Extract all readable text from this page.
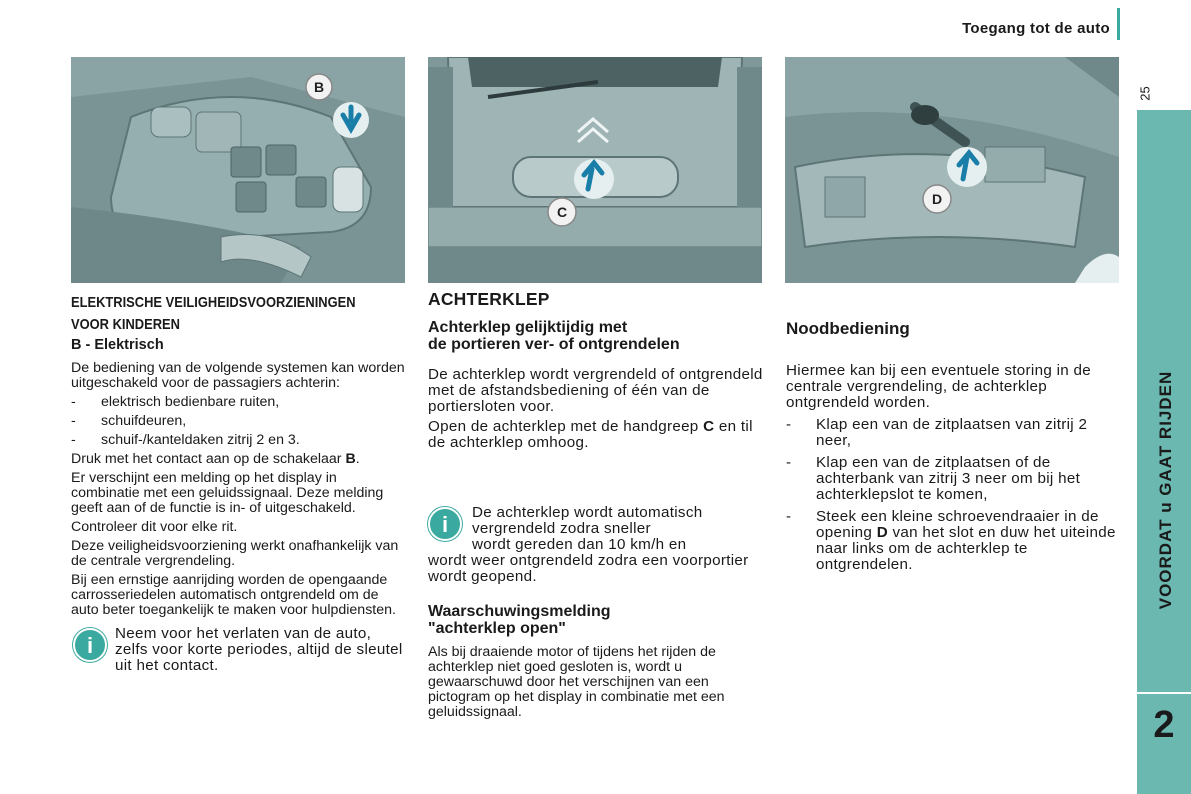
Toegang tot de auto
25
VOORDAT u GAAT RIJDEN
2
B
C
D
ELEKTRISCHE VEILIGHEIDSVOORZIENINGEN
VOOR KINDEREN
B - Elektrisch

De bediening van de volgende systemen kan worden uitgeschakeld voor de passagiers achterin:

-	elektrisch bedienbare ruiten,
-	schuifdeuren,
-	schuif-/kanteldaken zitrij 2 en 3.

Druk met het contact aan op de schakelaar B.

Er verschijnt een melding op het display in combinatie met een geluidssignaal. Deze melding geeft aan of de functie is in- of uitgeschakeld.

Controleer dit voor elke rit.

Deze veiligheidsvoorziening werkt onafhankelijk van de centrale vergrendeling.

Bij een ernstige aanrijding worden de opengaande carrosseriedelen automatisch ontgrendeld om de auto beter toegankelijk te maken voor hulpdiensten.

i	Neem voor het verlaten van de auto, zelfs voor korte periodes, altijd de sleutel uit het contact.
ACHTERKLEP
Achterklep gelijktijdig met
de portieren ver- of ontgrendelen

De achterklep wordt vergrendeld of ontgrendeld met de afstandsbediening of één van de portiersloten voor.

Open de achterklep met de handgreep C en til de achterklep omhoog.

i	De achterklep wordt automatisch
vergrendeld zodra sneller
wordt gereden dan 10 km/h en
wordt weer ontgrendeld zodra een voorportier wordt geopend.
Waarschuwingsmelding
"achterklep open"

Als bij draaiende motor of tijdens het rijden de achterklep niet goed gesloten is, wordt u gewaarschuwd door het verschijnen van een pictogram op het display in combinatie met een geluidssignaal.

Noodbediening

Hiermee kan bij een eventuele storing in de centrale vergrendeling, de achterklep ontgrendeld worden.

-	Klap een van de zitplaatsen van zitrij 2 neer,
-	Klap een van de zitplaatsen of de achterbank van zitrij 3 neer om bij het achterklepslot te komen,
-	Steek een kleine schroevendraaier in de opening D van het slot en duw het uiteinde naar links om de achterklep te ontgrendelen.
